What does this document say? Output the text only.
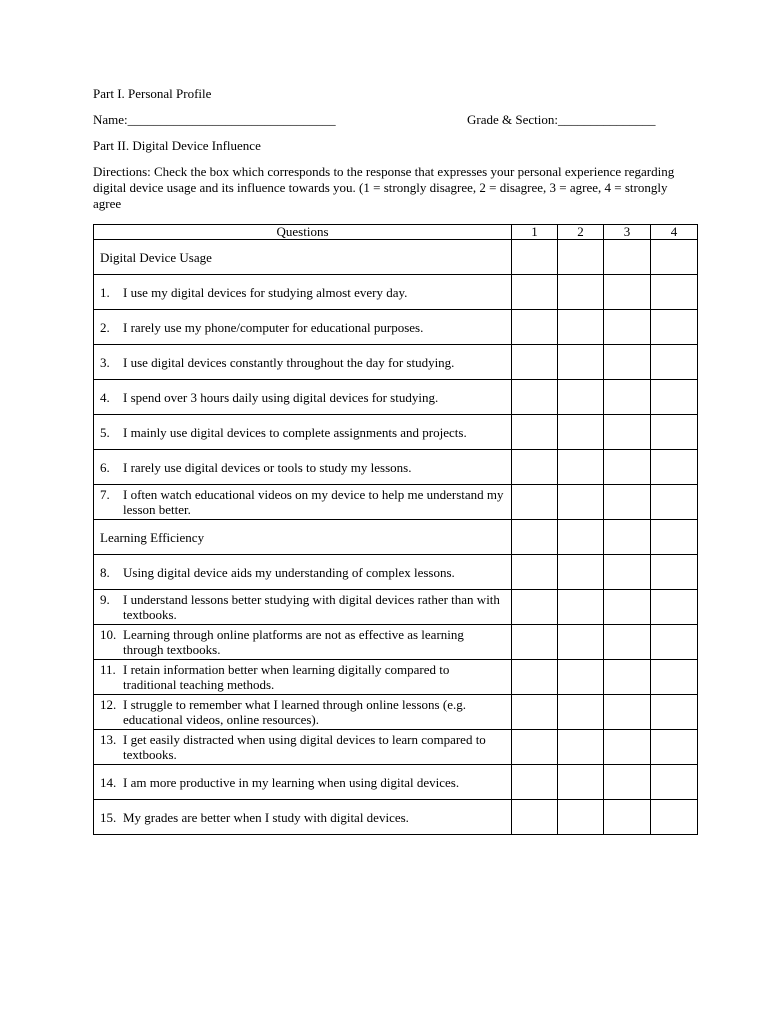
Part I. Personal Profile

Name:________________________________	Grade & Section:_______________

Part II. Digital Device Influence

Directions: Check the box which corresponds to the response that expresses your personal experience regarding digital device usage and its influence towards you. (1 = strongly disagree, 2 = disagree, 3 = agree, 4 = strongly agree

Questions	1	2	3	4
Digital Device Usage				

1. I use my digital devices for studying almost every day.				

2. I rarely use my phone/computer for educational purposes.				

3. I use digital devices constantly throughout the day for studying.				

4. I spend over 3 hours daily using digital devices for studying.				

5. I mainly use digital devices to complete assignments and projects.				

6. I rarely use digital devices or tools to study my lessons.				

7. I often watch educational videos on my device to help me understand my lesson better.				

Learning Efficiency				

8. Using digital device aids my understanding of complex lessons.				

9. I understand lessons better studying with digital devices rather than with textbooks.				

10. Learning through online platforms are not as effective as learning through textbooks.				

11. I retain information better when learning digitally compared to traditional teaching methods.				

12. I struggle to remember what I learned through online lessons (e.g. educational videos, online resources).				

13. I get easily distracted when using digital devices to learn compared to textbooks.				

14. I am more productive in my learning when using digital devices.				

15. My grades are better when I study with digital devices.				
